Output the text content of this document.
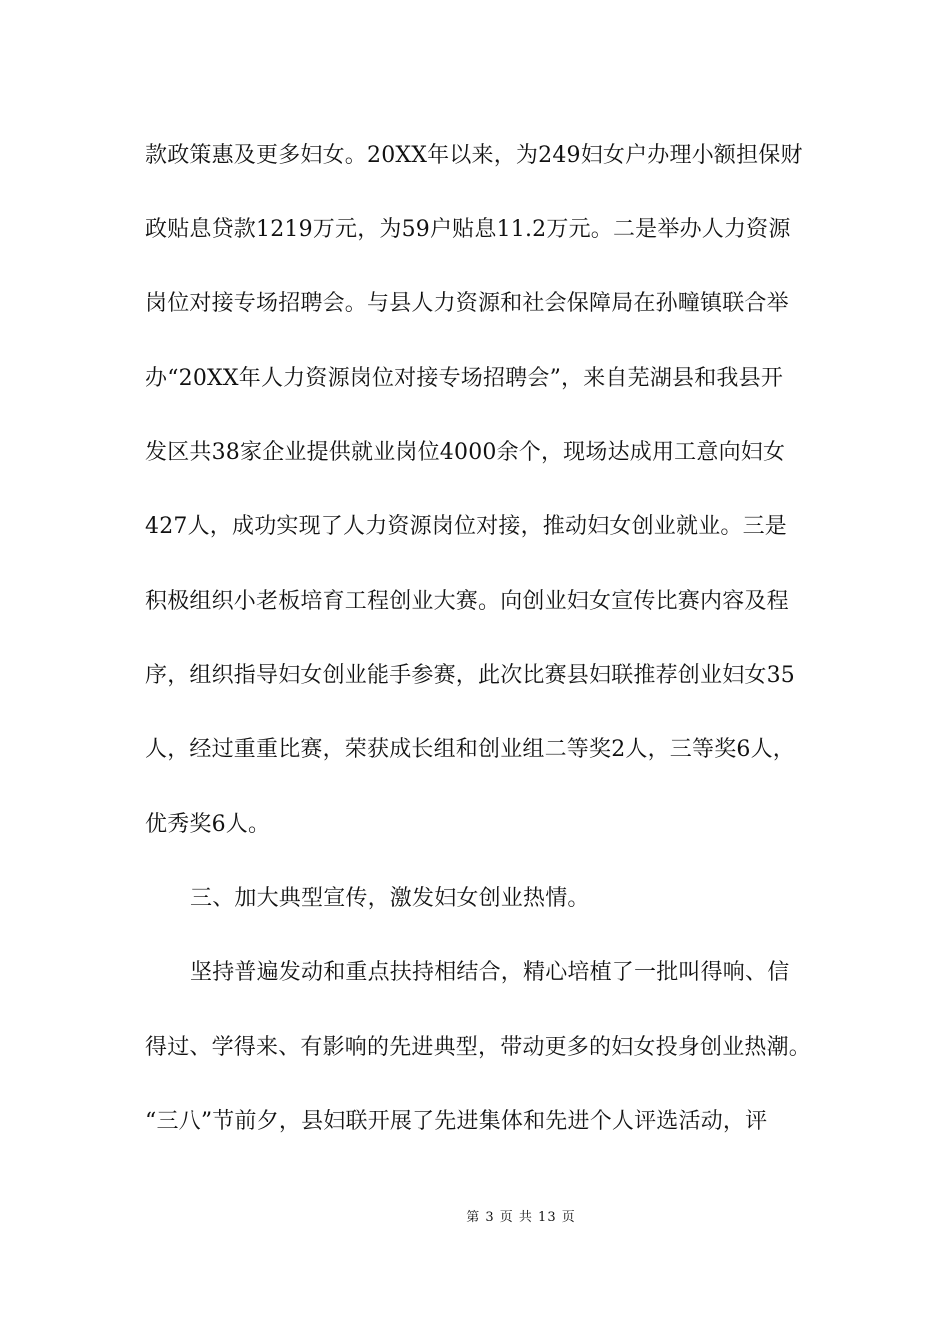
款政策惠及更多妇女。20XX年以来，为249妇女户办理小额担保财
政贴息贷款1219万元，为59户贴息11.2万元。二是举办人力资源
岗位对接专场招聘会。与县人力资源和社会保障局在孙疃镇联合举
办“20XX年人力资源岗位对接专场招聘会”，来自芜湖县和我县开
发区共38家企业提供就业岗位4000余个，现场达成用工意向妇女
427人，成功实现了人力资源岗位对接，推动妇女创业就业。三是
积极组织小老板培育工程创业大赛。向创业妇女宣传比赛内容及程
序，组织指导妇女创业能手参赛，此次比赛县妇联推荐创业妇女35
人，经过重重比赛，荣获成长组和创业组二等奖2人，三等奖6人，
优秀奖6人。
三、加大典型宣传，激发妇女创业热情。
坚持普遍发动和重点扶持相结合，精心培植了一批叫得响、信
得过、学得来、有影响的先进典型，带动更多的妇女投身创业热潮。
“三八”节前夕，县妇联开展了先进集体和先进个人评选活动，评
第 3 页 共 13 页
